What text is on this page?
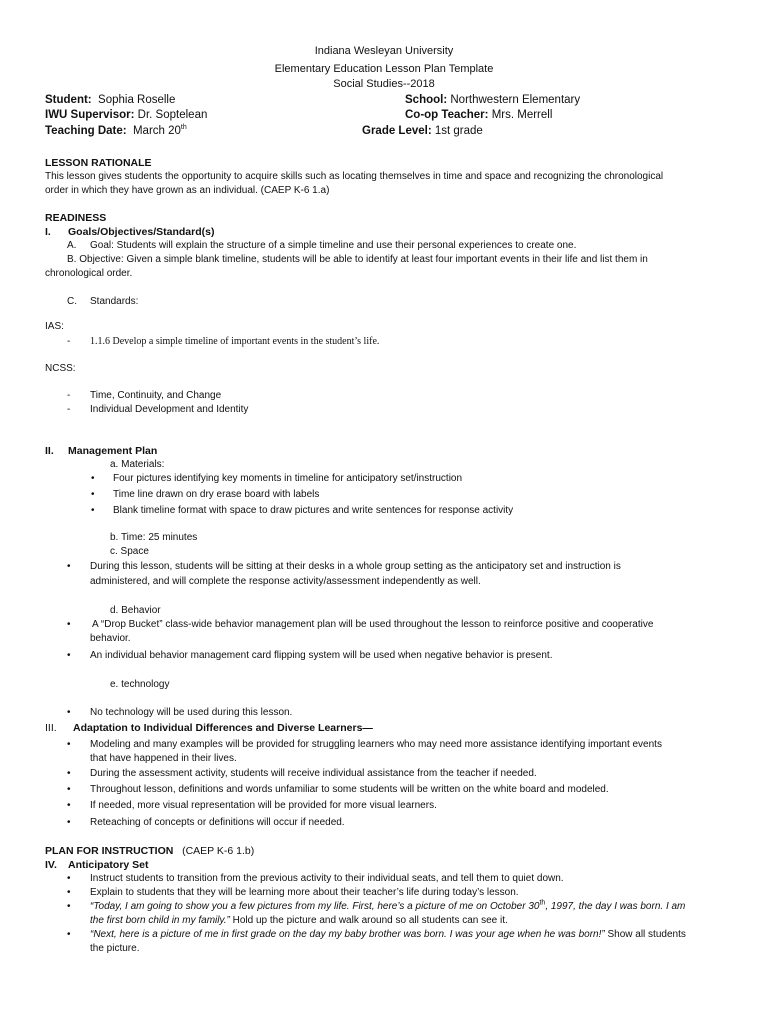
Indiana Wesleyan University
Elementary Education Lesson Plan Template
Social Studies--2018
Student: Sophia Roselle	School: Northwestern Elementary
IWU Supervisor: Dr. Soptelean	Co-op Teacher: Mrs. Merrell
Teaching Date: March 20th	Grade Level: 1st grade
LESSON RATIONALE
This lesson gives students the opportunity to acquire skills such as locating themselves in time and space and recognizing the chronological
order in which they have grown as an individual. (CAEP K-6 1.a)
READINESS
I. Goals/Objectives/Standard(s)
A. Goal: Students will explain the structure of a simple timeline and use their personal experiences to create one.
B. Objective: Given a simple blank timeline, students will be able to identify at least four important events in their life and list them in
chronological order.
C. Standards:
IAS:
- 1.1.6 Develop a simple timeline of important events in the student’s life.
NCSS:
- Time, Continuity, and Change
- Individual Development and Identity
II. Management Plan
a. Materials:
• Four pictures identifying key moments in timeline for anticipatory set/instruction
• Time line drawn on dry erase board with labels
• Blank timeline format with space to draw pictures and write sentences for response activity
b. Time: 25 minutes
c. Space
• During this lesson, students will be sitting at their desks in a whole group setting as the anticipatory set and instruction is
administered, and will complete the response activity/assessment independently as well.
d. Behavior
• A “Drop Bucket” class-wide behavior management plan will be used throughout the lesson to reinforce positive and cooperative
behavior.
• An individual behavior management card flipping system will be used when negative behavior is present.
e. technology
• No technology will be used during this lesson.
III. Adaptation to Individual Differences and Diverse Learners—
• Modeling and many examples will be provided for struggling learners who may need more assistance identifying important events
that have happened in their lives.
• During the assessment activity, students will receive individual assistance from the teacher if needed.
• Throughout lesson, definitions and words unfamiliar to some students will be written on the white board and modeled.
• If needed, more visual representation will be provided for more visual learners.
• Reteaching of concepts or definitions will occur if needed.
PLAN FOR INSTRUCTION (CAEP K-6 1.b)
IV. Anticipatory Set
• Instruct students to transition from the previous activity to their individual seats, and tell them to quiet down.
• Explain to students that they will be learning more about their teacher’s life during today’s lesson.
• “Today, I am going to show you a few pictures from my life. First, here’s a picture of me on October 30th, 1997, the day I was born. I am
the first born child in my family.” Hold up the picture and walk around so all students can see it.
• “Next, here is a picture of me in first grade on the day my baby brother was born. I was your age when he was born!” Show all students
the picture.
